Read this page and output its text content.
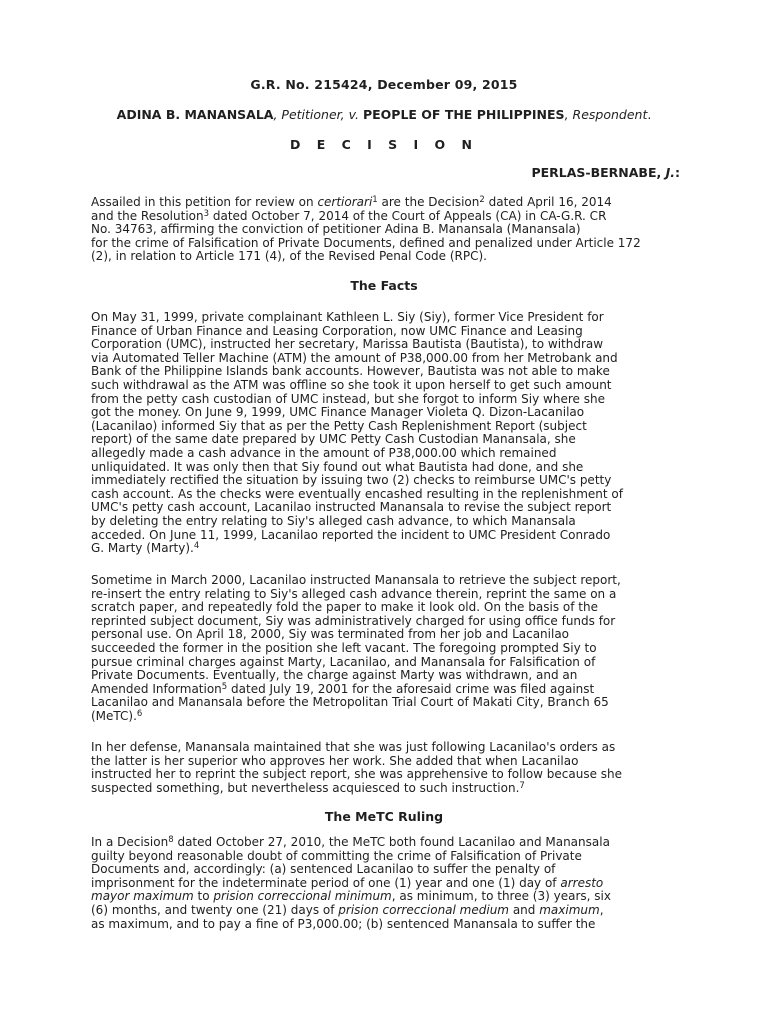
G.R. No. 215424, December 09, 2015
ADINA B. MANANSALA, Petitioner, v. PEOPLE OF THE PHILIPPINES, Respondent.
D E C I S I O N
PERLAS-BERNABE, J.:

Assailed in this petition for review on certiorari$^1$ are the Decision$^2$ dated April 16, 2014
and the Resolution$^3$ dated October 7, 2014 of the Court of Appeals (CA) in CA-G.R. CR
No. 34763, affirming the conviction of petitioner Adina B. Manansala (Manansala)
for the crime of Falsification of Private Documents, defined and penalized under Article 172
(2), in relation to Article 171 (4), of the Revised Penal Code (RPC).

The Facts

On May 31, 1999, private complainant Kathleen L. Siy (Siy), former Vice President for
Finance of Urban Finance and Leasing Corporation, now UMC Finance and Leasing
Corporation (UMC), instructed her secretary, Marissa Bautista (Bautista), to withdraw
via Automated Teller Machine (ATM) the amount of P38,000.00 from her Metrobank and
Bank of the Philippine Islands bank accounts. However, Bautista was not able to make
such withdrawal as the ATM was offline so she took it upon herself to get such amount
from the petty cash custodian of UMC instead, but she forgot to inform Siy where she
got the money. On June 9, 1999, UMC Finance Manager Violeta Q. Dizon-Lacanilao
(Lacanilao) informed Siy that as per the Petty Cash Replenishment Report (subject
report) of the same date prepared by UMC Petty Cash Custodian Manansala, she
allegedly made a cash advance in the amount of P38,000.00 which remained
unliquidated. It was only then that Siy found out what Bautista had done, and she
immediately rectified the situation by issuing two (2) checks to reimburse UMC's petty
cash account. As the checks were eventually encashed resulting in the replenishment of
UMC's petty cash account, Lacanilao instructed Manansala to revise the subject report
by deleting the entry relating to Siy's alleged cash advance, to which Manansala
acceded. On June 11, 1999, Lacanilao reported the incident to UMC President Conrado
G. Marty (Marty).$^4$

Sometime in March 2000, Lacanilao instructed Manansala to retrieve the subject report,
re-insert the entry relating to Siy's alleged cash advance therein, reprint the same on a
scratch paper, and repeatedly fold the paper to make it look old. On the basis of the
reprinted subject document, Siy was administratively charged for using office funds for
personal use. On April 18, 2000, Siy was terminated from her job and Lacanilao
succeeded the former in the position she left vacant. The foregoing prompted Siy to
pursue criminal charges against Marty, Lacanilao, and Manansala for Falsification of
Private Documents. Eventually, the charge against Marty was withdrawn, and an
Amended Information$^5$ dated July 19, 2001 for the aforesaid crime was filed against
Lacanilao and Manansala before the Metropolitan Trial Court of Makati City, Branch 65
(MeTC).$^6$

In her defense, Manansala maintained that she was just following Lacanilao's orders as
the latter is her superior who approves her work. She added that when Lacanilao
instructed her to reprint the subject report, she was apprehensive to follow because she
suspected something, but nevertheless acquiesced to such instruction.$^7$

The MeTC Ruling

In a Decision$^8$ dated October 27, 2010, the MeTC both found Lacanilao and Manansala
guilty beyond reasonable doubt of committing the crime of Falsification of Private
Documents and, accordingly: (a) sentenced Lacanilao to suffer the penalty of
imprisonment for the indeterminate period of one (1) year and one (1) day of arresto
mayor maximum to prision correccional minimum, as minimum, to three (3) years, six
(6) months, and twenty one (21) days of prision correccional medium and maximum,
as maximum, and to pay a fine of P3,000.00; (b) sentenced Manansala to suffer the
